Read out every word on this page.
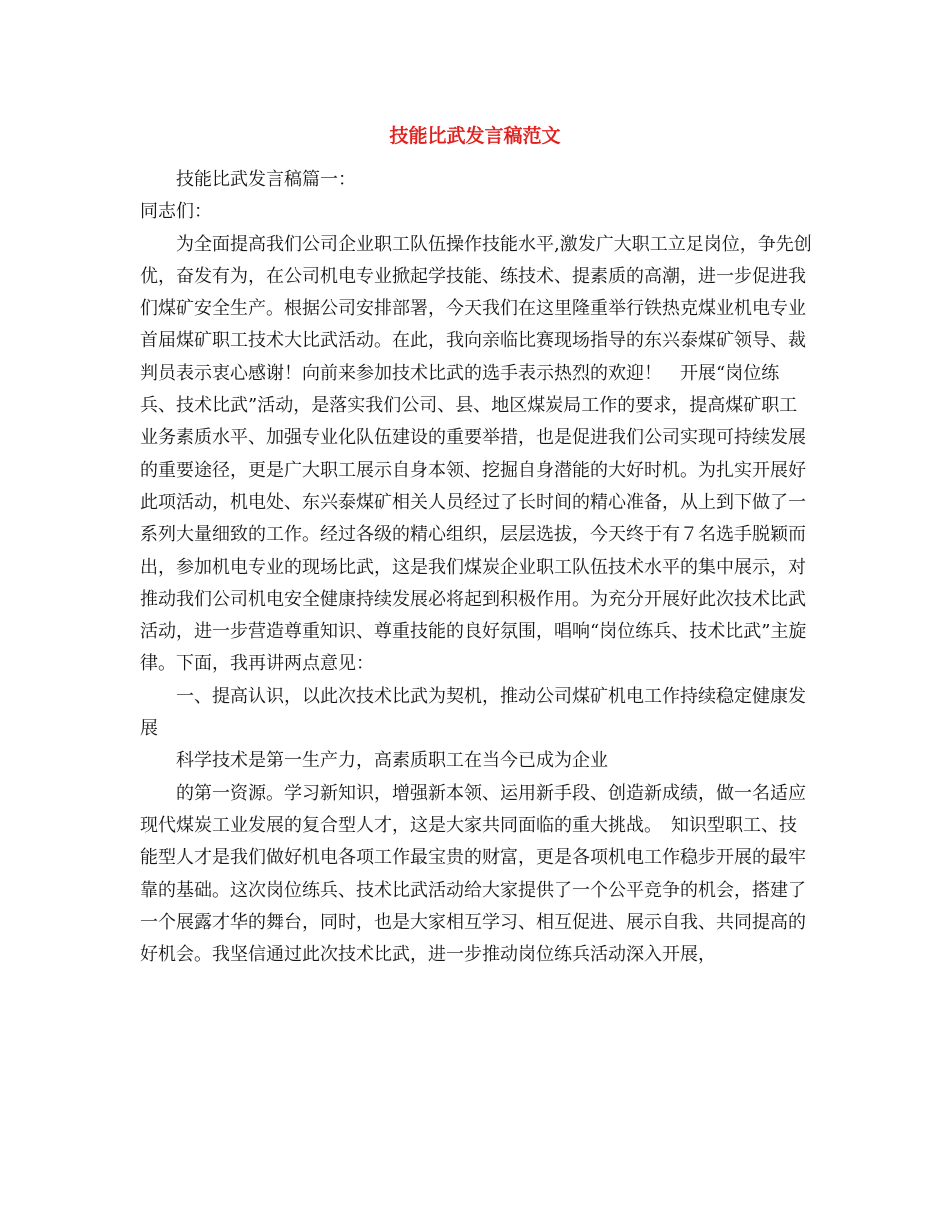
技能比武发言稿范文

技能比武发言稿篇一：

同志们：

为全面提高我们公司企业职工队伍操作技能水平,激发广大职工立足岗位，争先创优，奋发有为，在公司机电专业掀起学技能、练技术、提素质的高潮，进一步促进我们煤矿安全生产。根据公司安排部署，今天我们在这里隆重举行铁热克煤业机电专业首届煤矿职工技术大比武活动。在此，我向亲临比赛现场指导的东兴泰煤矿领导、裁判员表示衷心感谢！向前来参加技术比武的选手表示热烈的欢迎！　开展“岗位练兵、技术比武”活动，是落实我们公司、县、地区煤炭局工作的要求，提高煤矿职工业务素质水平、加强专业化队伍建设的重要举措，也是促进我们公司实现可持续发展的重要途径，更是广大职工展示自身本领、挖掘自身潜能的大好时机。为扎实开展好此项活动，机电处、东兴泰煤矿相关人员经过了长时间的精心准备，从上到下做了一系列大量细致的工作。经过各级的精心组织，层层选拔，今天终于有７名选手脱颖而出，参加机电专业的现场比武，这是我们煤炭企业职工队伍技术水平的集中展示，对推动我们公司机电安全健康持续发展必将起到积极作用。为充分开展好此次技术比武活动，进一步营造尊重知识、尊重技能的良好氛围，唱响“岗位练兵、技术比武”主旋律。下面，我再讲两点意见：

一、提高认识，以此次技术比武为契机，推动公司煤矿机电工作持续稳定健康发展

科学技术是第一生产力，高素质职工在当今已成为企业

的第一资源。学习新知识，增强新本领、运用新手段、创造新成绩，做一名适应现代煤炭工业发展的复合型人才，这是大家共同面临的重大挑战。　知识型职工、技能型人才是我们做好机电各项工作最宝贵的财富，更是各项机电工作稳步开展的最牢靠的基础。这次岗位练兵、技术比武活动给大家提供了一个公平竞争的机会，搭建了一个展露才华的舞台，同时，也是大家相互学习、相互促进、展示自我、共同提高的好机会。我坚信通过此次技术比武，进一步推动岗位练兵活动深入开展，
